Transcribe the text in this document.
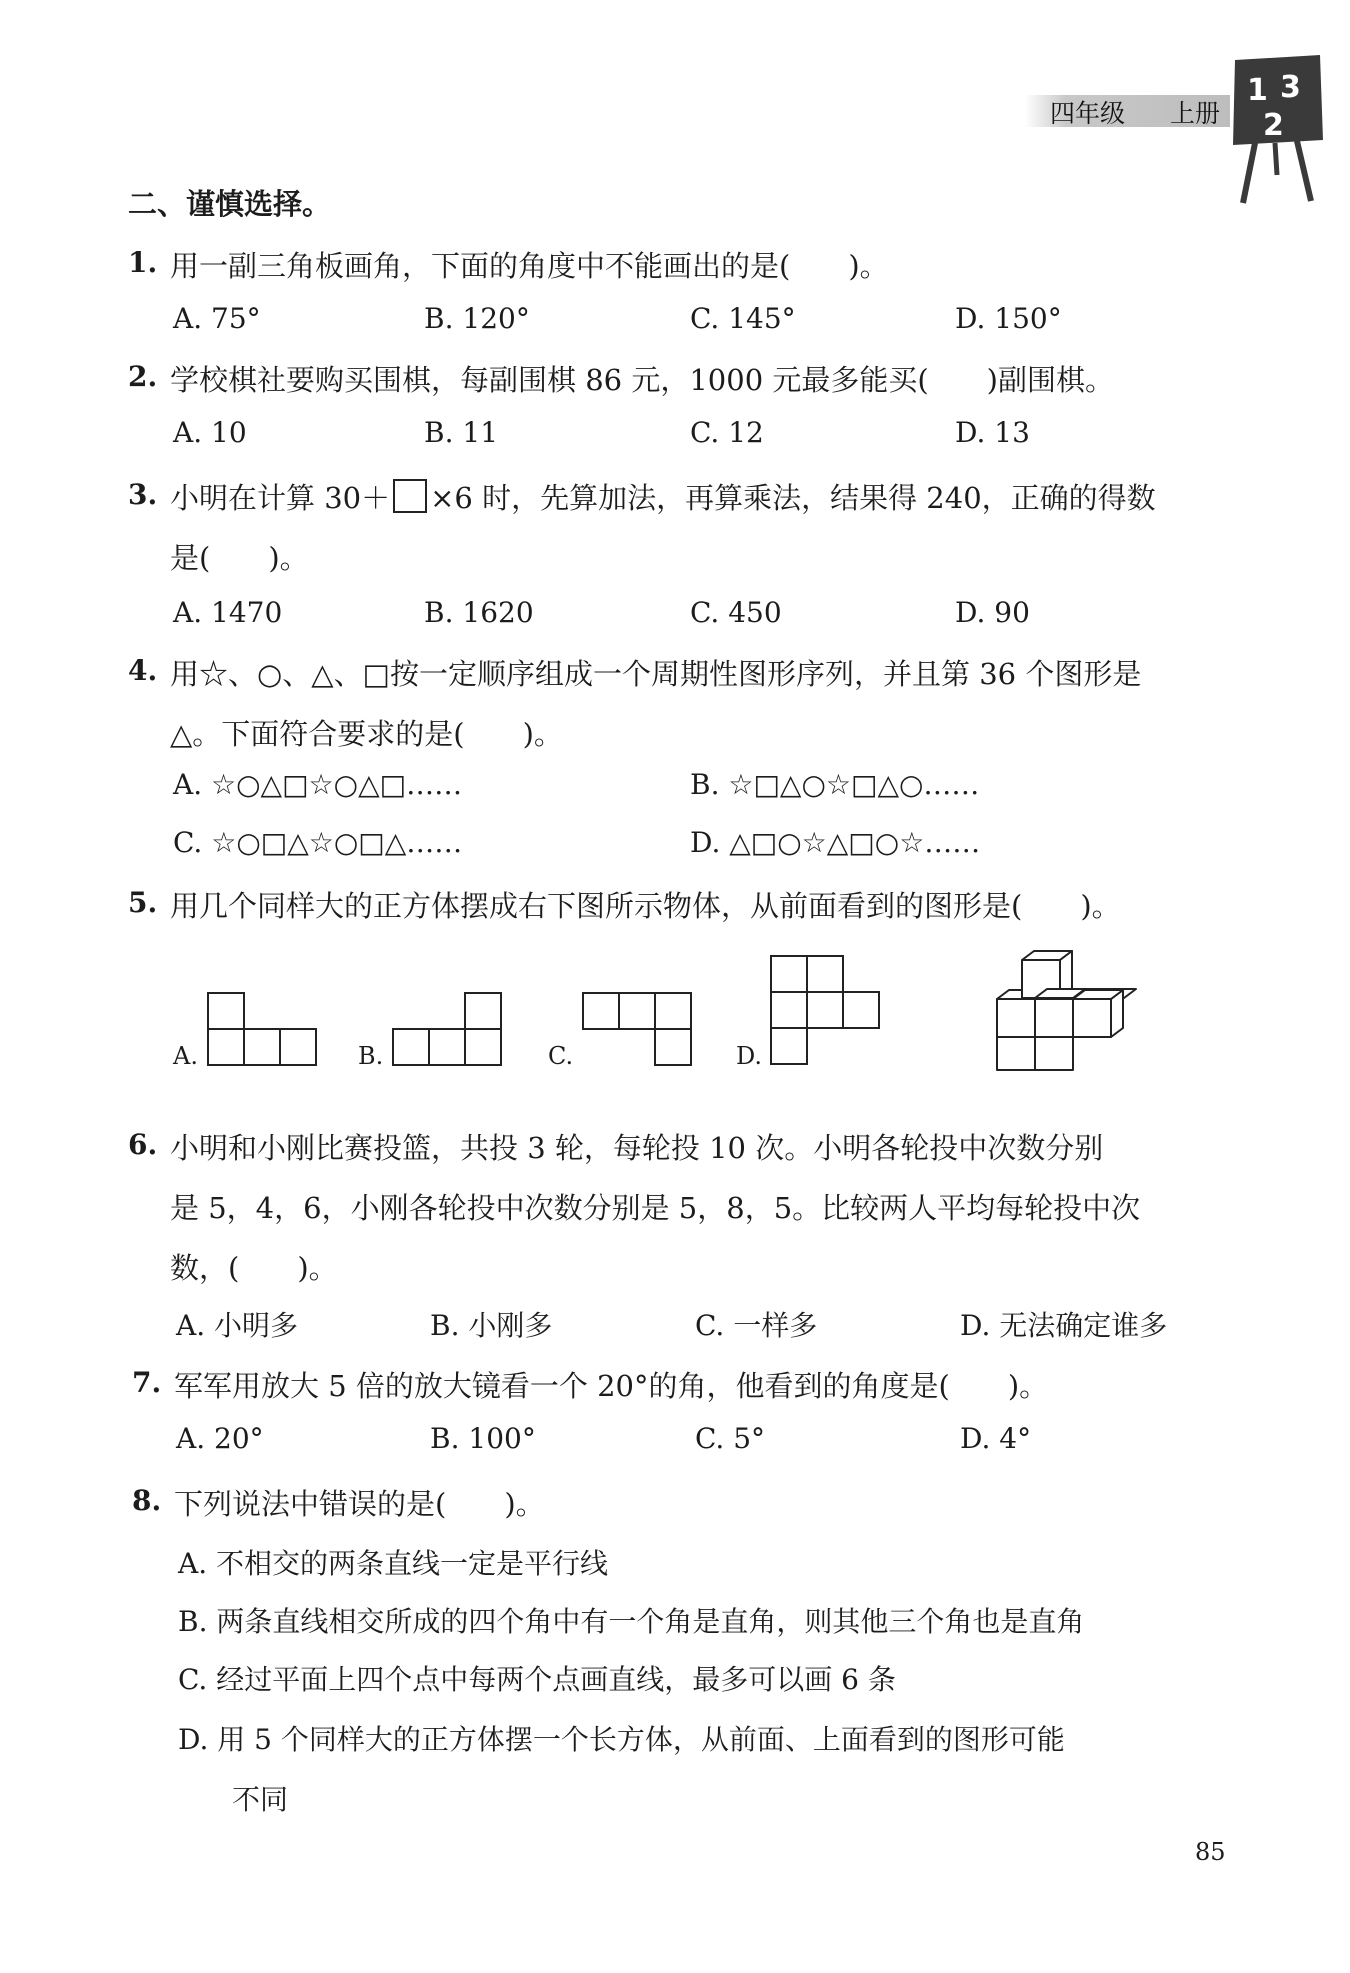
四年级 上册
1 3
2
二、谨慎选择。
1. 用一副三角板画角，下面的角度中不能画出的是(　　)。
A. 75°	B. 120°	C. 145°	D. 150°
2. 学校棋社要购买围棋，每副围棋 86 元，1000 元最多能买(　　)副围棋。
A. 10	B. 11	C. 12	D. 13
3. 小明在计算 30＋ ×6 时，先算加法，再算乘法，结果得 240，正确的得数
是(　　)。
A. 1470	B. 1620	C. 450	D. 90
4. 用☆、○、△、□按一定顺序组成一个周期性图形序列，并且第 36 个图形是
△。下面符合要求的是(　　)。
A. ☆○△□☆○△□……	B. ☆□△○☆□△○……
C. ☆○□△☆○□△……	D. △□○☆△□○☆……
5. 用几个同样大的正方体摆成右下图所示物体，从前面看到的图形是(　　)。
A.	B.	C.	D.
6. 小明和小刚比赛投篮，共投 3 轮，每轮投 10 次。小明各轮投中次数分别
是 5，4，6，小刚各轮投中次数分别是 5，8，5。比较两人平均每轮投中次
数，(　　)。
A. 小明多	B. 小刚多	C. 一样多	D. 无法确定谁多
7. 军军用放大 5 倍的放大镜看一个 20°的角，他看到的角度是(　　)。
A. 20°	B. 100°	C. 5°	D. 4°
8. 下列说法中错误的是(　　)。
A. 不相交的两条直线一定是平行线
B. 两条直线相交所成的四个角中有一个角是直角，则其他三个角也是直角
C. 经过平面上四个点中每两个点画直线，最多可以画 6 条
D. 用 5 个同样大的正方体摆一个长方体，从前面、上面看到的图形可能
不同
85
